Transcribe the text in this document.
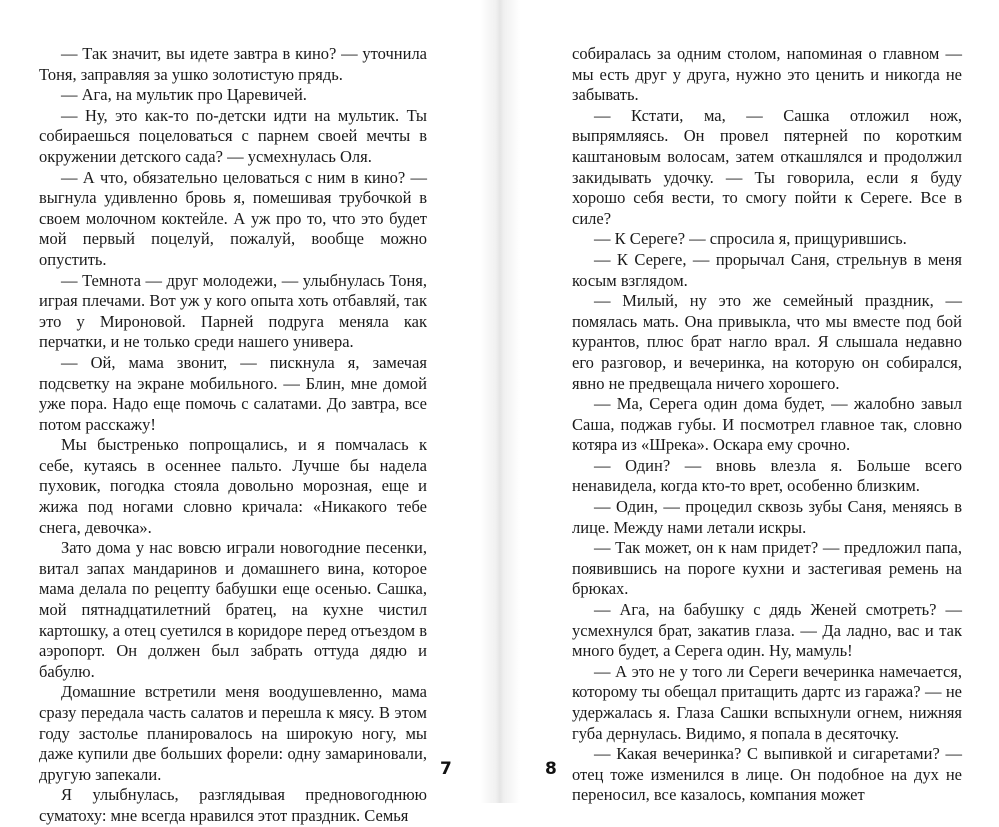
— Так значит, вы идете завтра в кино? — уточнила Тоня, заправляя за ушко золотистую прядь.

— Ага, на мультик про Царевичей.

— Ну, это как-то по-детски идти на мультик. Ты собираешься поцеловаться с парнем своей мечты в окружении детского сада? — усмехнулась Оля.

— А что, обязательно целоваться с ним в кино? — выгнула удивленно бровь я, помешивая трубочкой в своем молочном коктейле. А уж про то, что это будет мой первый поцелуй, пожалуй, вообще можно опустить.

— Темнота — друг молодежи, — улыбнулась Тоня, играя плечами. Вот уж у кого опыта хоть отбавляй, так это у Мироновой. Парней подруга меняла как перчатки, и не только среди нашего универа.

— Ой, мама звонит, — пискнула я, замечая подсветку на экране мобильного. — Блин, мне домой уже пора. Надо еще помочь с салатами. До завтра, все потом расскажу!

Мы быстренько попрощались, и я помчалась к себе, кутаясь в осеннее пальто. Лучше бы надела пуховик, погодка стояла довольно морозная, еще и жижа под ногами словно кричала: «Никакого тебе снега, девочка».

Зато дома у нас вовсю играли новогодние песенки, витал запах мандаринов и домашнего вина, которое мама делала по рецепту бабушки еще осенью. Сашка, мой пятнадцатилетний братец, на кухне чистил картошку, а отец суетился в коридоре перед отъездом в аэропорт. Он должен был забрать оттуда дядю и бабулю.

Домашние встретили меня воодушевленно, мама сразу передала часть салатов и перешла к мясу. В этом году застолье планировалось на широкую ногу, мы даже купили две больших форели: одну замариновали, другую запекали.

Я улыбнулась, разглядывая предновогоднюю суматоху: мне всегда нравился этот праздник. Семья

7

собиралась за одним столом, напоминая о главном — мы есть друг у друга, нужно это ценить и никогда не забывать.

— Кстати, ма, — Сашка отложил нож, выпрямляясь. Он провел пятерней по коротким каштановым волосам, затем откашлялся и продолжил закидывать удочку. — Ты говорила, если я буду хорошо себя вести, то смогу пойти к Сереге. Все в силе?

— К Сереге? — спросила я, прищурившись.

— К Сереге, — прорычал Саня, стрельнув в меня косым взглядом.

— Милый, ну это же семейный праздник, — помялась мать. Она привыкла, что мы вместе под бой курантов, плюс брат нагло врал. Я слышала недавно его разговор, и вечеринка, на которую он собирался, явно не предвещала ничего хорошего.

— Ма, Серега один дома будет, — жалобно завыл Саша, поджав губы. И посмотрел главное так, словно котяра из «Шрека». Оскара ему срочно.

— Один? — вновь влезла я. Больше всего ненавидела, когда кто-то врет, особенно близким.

— Один, — процедил сквозь зубы Саня, меняясь в лице. Между нами летали искры.

— Так может, он к нам придет? — предложил папа, появившись на пороге кухни и застегивая ремень на брюках.

— Ага, на бабушку с дядь Женей смотреть? — усмехнулся брат, закатив глаза. — Да ладно, вас и так много будет, а Серега один. Ну, мамуль!

— А это не у того ли Сереги вечеринка намечается, которому ты обещал притащить дартс из гаража? — не удержалась я. Глаза Сашки вспыхнули огнем, нижняя губа дернулась. Видимо, я попала в десяточку.

— Какая вечеринка? С выпивкой и сигаретами? — отец тоже изменился в лице. Он подобное на дух не переносил, все казалось, компания может

8
